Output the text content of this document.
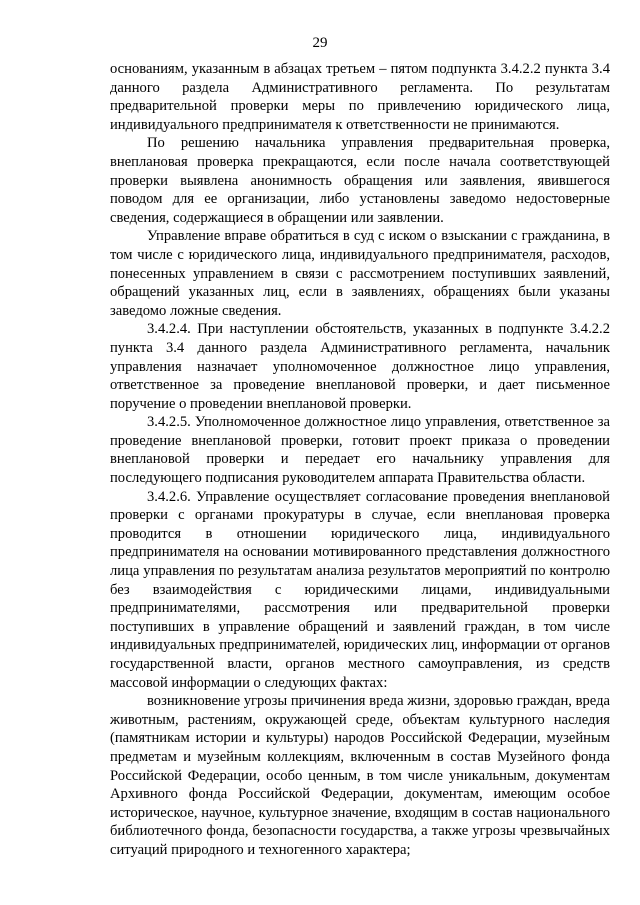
29

основаниям, указанным в абзацах третьем – пятом подпункта 3.4.2.2 пункта 3.4 данного раздела Административного регламента. По результатам предварительной проверки меры по привлечению юридического лица, индивидуального предпринимателя к ответственности не принимаются.

По решению начальника управления предварительная проверка, внеплановая проверка прекращаются, если после начала соответствующей проверки выявлена анонимность обращения или заявления, явившегося поводом для ее организации, либо установлены заведомо недостоверные сведения, содержащиеся в обращении или заявлении.

Управление вправе обратиться в суд с иском о взыскании с гражданина, в том числе с юридического лица, индивидуального предпринимателя, расходов, понесенных управлением в связи с рассмотрением поступивших заявлений, обращений указанных лиц, если в заявлениях, обращениях были указаны заведомо ложные сведения.

3.4.2.4. При наступлении обстоятельств, указанных в подпункте 3.4.2.2 пункта 3.4 данного раздела Административного регламента, начальник управления назначает уполномоченное должностное лицо управления, ответственное за проведение внеплановой проверки, и дает письменное поручение о проведении внеплановой проверки.

3.4.2.5. Уполномоченное должностное лицо управления, ответственное за проведение внеплановой проверки, готовит проект приказа о проведении внеплановой проверки и передает его начальнику управления для последующего подписания руководителем аппарата Правительства области.

3.4.2.6. Управление осуществляет согласование проведения внеплановой проверки с органами прокуратуры в случае, если внеплановая проверка проводится в отношении юридического лица, индивидуального предпринимателя на основании мотивированного представления должностного лица управления по результатам анализа результатов мероприятий по контролю без взаимодействия с юридическими лицами, индивидуальными предпринимателями, рассмотрения или предварительной проверки поступивших в управление обращений и заявлений граждан, в том числе индивидуальных предпринимателей, юридических лиц, информации от органов государственной власти, органов местного самоуправления, из средств массовой информации о следующих фактах:

возникновение угрозы причинения вреда жизни, здоровью граждан, вреда животным, растениям, окружающей среде, объектам культурного наследия (памятникам истории и культуры) народов Российской Федерации, музейным предметам и музейным коллекциям, включенным в состав Музейного фонда Российской Федерации, особо ценным, в том числе уникальным, документам Архивного фонда Российской Федерации, документам, имеющим особое историческое, научное, культурное значение, входящим в состав национального библиотечного фонда, безопасности государства, а также угрозы чрезвычайных ситуаций природного и техногенного характера;
